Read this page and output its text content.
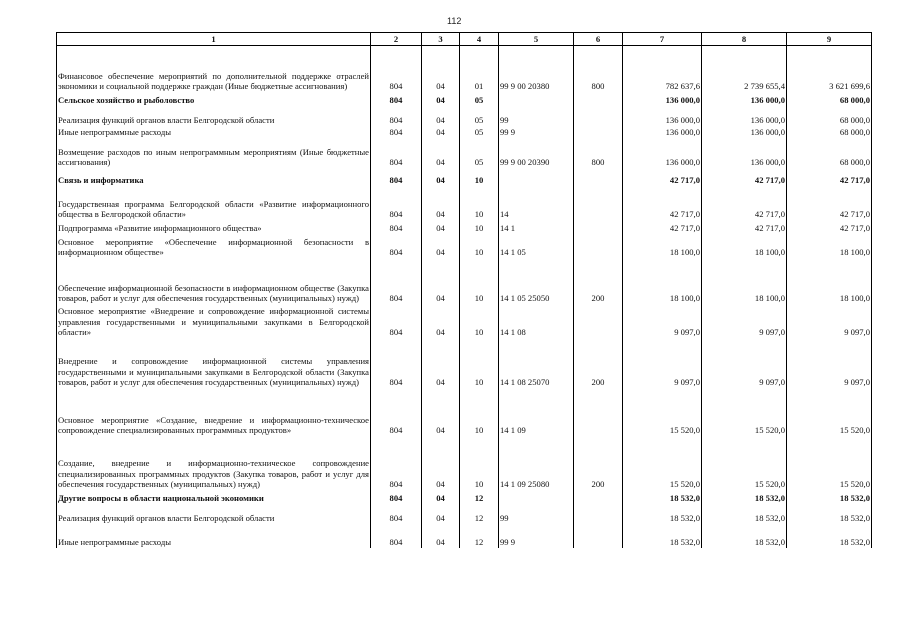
112
1	2	3	4	5	6	7	8	9
Финансовое обеспечение мероприятий по дополнительной поддержке отраслей экономики и социальной поддержке граждан (Иные бюджетные ассигнования)	804	04	01	99 9 00 20380	800	782 637,6	2 739 655,4	3 621 699,6
Сельское хозяйство и рыболовство	804	04	05			136 000,0	136 000,0	68 000,0
Реализация функций органов власти Белгородской области	804	04	05	99		136 000,0	136 000,0	68 000,0
Иные непрограммные расходы	804	04	05	99 9		136 000,0	136 000,0	68 000,0
Возмещение расходов по иным непрограммным мероприятиям (Иные бюджетные ассигнования)	804	04	05	99 9 00 20390	800	136 000,0	136 000,0	68 000,0
Связь и информатика	804	04	10			42 717,0	42 717,0	42 717,0
Государственная программа Белгородской области «Развитие информационного общества в Белгородской области»	804	04	10	14		42 717,0	42 717,0	42 717,0
Подпрограмма «Развитие информационного общества»	804	04	10	14 1		42 717,0	42 717,0	42 717,0
Основное мероприятие «Обеспечение информационной безопасности в информационном обществе»	804	04	10	14 1 05		18 100,0	18 100,0	18 100,0
Обеспечение информационной безопасности в информационном обществе (Закупка товаров, работ и услуг для обеспечения государственных (муниципальных) нужд)	804	04	10	14 1 05 25050	200	18 100,0	18 100,0	18 100,0
Основное мероприятие «Внедрение и сопровождение информационной системы управления государственными и муниципальными закупками в Белгородской области»	804	04	10	14 1 08		9 097,0	9 097,0	9 097,0
Внедрение и сопровождение информационной системы управления государственными и муниципальными закупками в Белгородской области (Закупка товаров, работ и услуг для обеспечения государственных (муниципальных) нужд)	804	04	10	14 1 08 25070	200	9 097,0	9 097,0	9 097,0
Основное мероприятие «Создание, внедрение и информационно-техническое сопровождение специализированных программных продуктов»	804	04	10	14 1 09		15 520,0	15 520,0	15 520,0
Создание, внедрение и информационно-техническое сопровождение специализированных программных продуктов (Закупка товаров, работ и услуг для обеспечения государственных (муниципальных) нужд)	804	04	10	14 1 09 25080	200	15 520,0	15 520,0	15 520,0
Другие вопросы в области национальной экономики	804	04	12			18 532,0	18 532,0	18 532,0
Реализация функций органов власти Белгородской области	804	04	12	99		18 532,0	18 532,0	18 532,0
Иные непрограммные расходы	804	04	12	99 9		18 532,0	18 532,0	18 532,0
